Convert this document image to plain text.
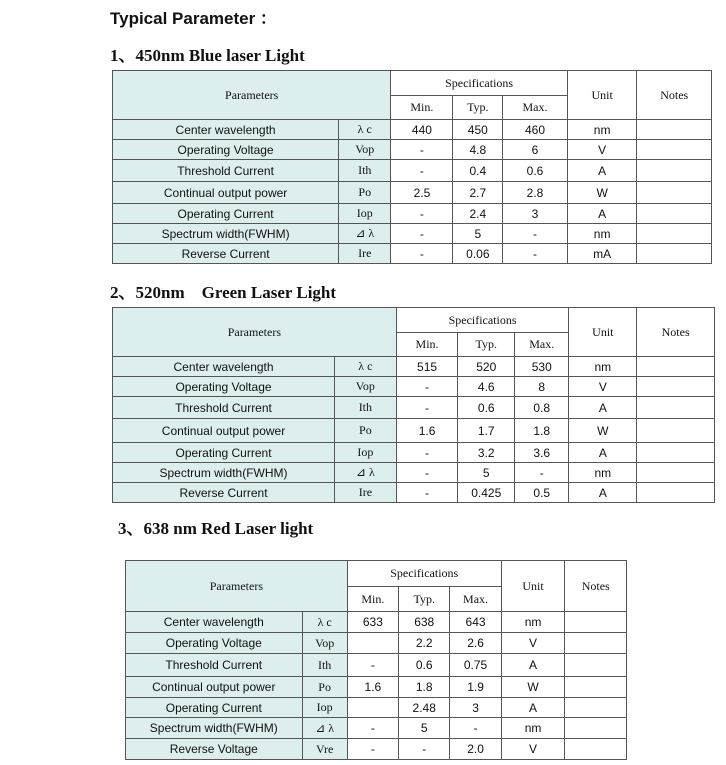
Typical Parameter ：
1、450nm Blue laser Light
Parameters		Specifications			Unit	Notes
		Min.	Typ.	Max.		
Center wavelength	λ c	440	450	460	nm	
Operating Voltage	Vop	-	4.8	6	V	
Threshold Current	Ith	-	0.4	0.6	A	
Continual output power	Po	2.5	2.7	2.8	W	
Operating Current	Iop	-	2.4	3	A	
Spectrum width(FWHM)	⊿ λ	-	5	-	nm	
Reverse Current	Ire	-	0.06	-	mA	
2、520nm    Green Laser Light
Parameters		Specifications			Unit	Notes
		Min.	Typ.	Max.		
Center wavelength	λ c	515	520	530	nm	
Operating Voltage	Vop	-	4.6	8	V	
Threshold Current	Ith	-	0.6	0.8	A	
Continual output power	Po	1.6	1.7	1.8	W	
Operating Current	Iop	-	3.2	3.6	A	
Spectrum width(FWHM)	⊿ λ	-	5	-	nm	
Reverse Current	Ire	-	0.425	0.5	A	
3、638 nm Red Laser light
Parameters		Specifications			Unit	Notes
		Min.	Typ.	Max.		
Center wavelength	λ c	633	638	643	nm	
Operating Voltage	Vop		2.2	2.6	V	
Threshold Current	Ith	-	0.6	0.75	A	
Continual output power	Po	1.6	1.8	1.9	W	
Operating Current	Iop		2.48	3	A	
Spectrum width(FWHM)	⊿ λ	-	5	-	nm	
Reverse Voltage	Vre	-	-	2.0	V	
